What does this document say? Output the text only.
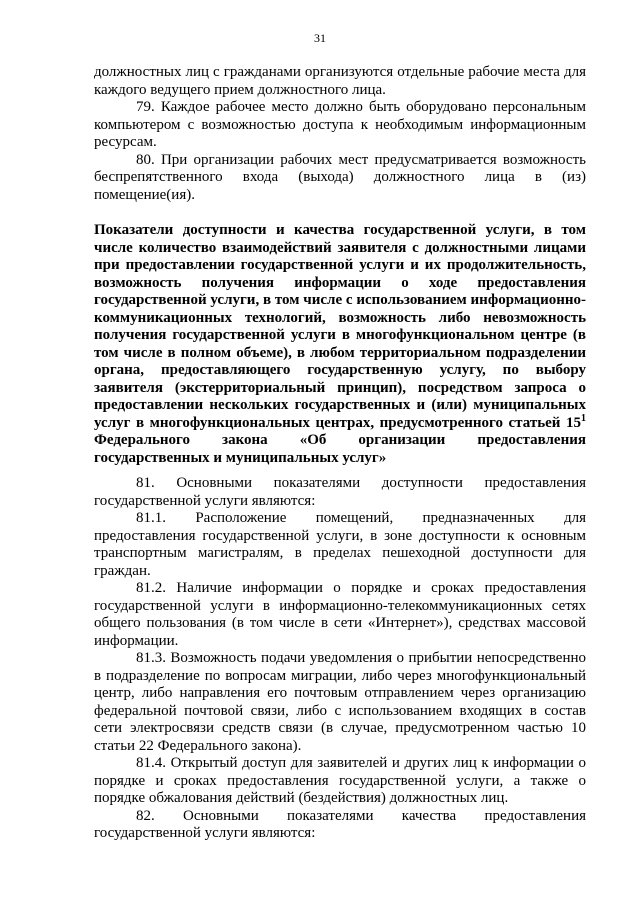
31

должностных лиц с гражданами организуются отдельные рабочие места для каждого ведущего прием должностного лица.

79. Каждое рабочее место должно быть оборудовано персональным компьютером с возможностью доступа к необходимым информационным ресурсам.

80. При организации рабочих мест предусматривается возможность беспрепятственного входа (выхода) должностного лица в (из) помещение(ия).

Показатели доступности и качества государственной услуги, в том числе количество взаимодействий заявителя с должностными лицами при предоставлении государственной услуги и их продолжительность, возможность получения информации о ходе предоставления государственной услуги, в том числе с использованием информационно-коммуникационных технологий, возможность либо невозможность получения государственной услуги в многофункциональном центре (в том числе в полном объеме), в любом территориальном подразделении органа, предоставляющего государственную услугу, по выбору заявителя (экстерриториальный принцип), посредством запроса о предоставлении нескольких государственных и (или) муниципальных услуг в многофункциональных центрах, предусмотренного статьей $15^1$ Федерального закона «Об организации предоставления государственных и муниципальных услуг»

81. Основными показателями доступности предоставления государственной услуги являются:

81.1. Расположение помещений, предназначенных для предоставления государственной услуги, в зоне доступности к основным транспортным магистралям, в пределах пешеходной доступности для граждан.

81.2. Наличие информации о порядке и сроках предоставления государственной услуги в информационно-телекоммуникационных сетях общего пользования (в том числе в сети «Интернет»), средствах массовой информации.

81.3. Возможность подачи уведомления о прибытии непосредственно в подразделение по вопросам миграции, либо через многофункциональный центр, либо направления его почтовым отправлением через организацию федеральной почтовой связи, либо с использованием входящих в состав сети электросвязи средств связи (в случае, предусмотренном частью 10 статьи 22 Федерального закона).

81.4. Открытый доступ для заявителей и других лиц к информации о порядке и сроках предоставления государственной услуги, а также о порядке обжалования действий (бездействия) должностных лиц.

82. Основными показателями качества предоставления государственной услуги являются:
